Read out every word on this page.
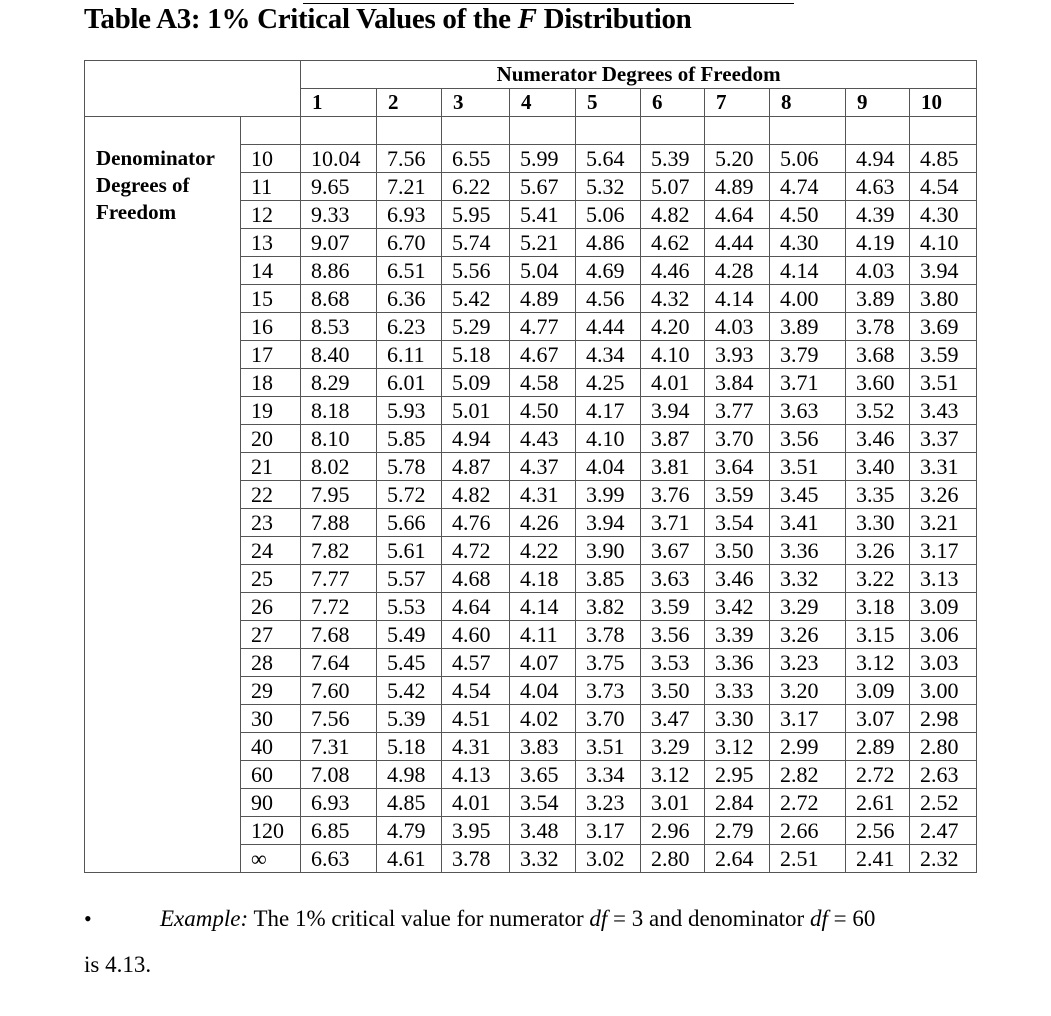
Table A3: 1% Critical Values of the F Distribution
		Numerator Degrees of Freedom									
		1	2	3	4	5	6	7	8	9	10

Denominator Degrees of Freedom	10	10.04	7.56	6.55	5.99	5.64	5.39	5.20	5.06	4.94	4.85
	11	9.65	7.21	6.22	5.67	5.32	5.07	4.89	4.74	4.63	4.54
	12	9.33	6.93	5.95	5.41	5.06	4.82	4.64	4.50	4.39	4.30
	13	9.07	6.70	5.74	5.21	4.86	4.62	4.44	4.30	4.19	4.10
	14	8.86	6.51	5.56	5.04	4.69	4.46	4.28	4.14	4.03	3.94
	15	8.68	6.36	5.42	4.89	4.56	4.32	4.14	4.00	3.89	3.80
	16	8.53	6.23	5.29	4.77	4.44	4.20	4.03	3.89	3.78	3.69
	17	8.40	6.11	5.18	4.67	4.34	4.10	3.93	3.79	3.68	3.59
	18	8.29	6.01	5.09	4.58	4.25	4.01	3.84	3.71	3.60	3.51
	19	8.18	5.93	5.01	4.50	4.17	3.94	3.77	3.63	3.52	3.43
	20	8.10	5.85	4.94	4.43	4.10	3.87	3.70	3.56	3.46	3.37
	21	8.02	5.78	4.87	4.37	4.04	3.81	3.64	3.51	3.40	3.31
	22	7.95	5.72	4.82	4.31	3.99	3.76	3.59	3.45	3.35	3.26
	23	7.88	5.66	4.76	4.26	3.94	3.71	3.54	3.41	3.30	3.21
	24	7.82	5.61	4.72	4.22	3.90	3.67	3.50	3.36	3.26	3.17
	25	7.77	5.57	4.68	4.18	3.85	3.63	3.46	3.32	3.22	3.13
	26	7.72	5.53	4.64	4.14	3.82	3.59	3.42	3.29	3.18	3.09
	27	7.68	5.49	4.60	4.11	3.78	3.56	3.39	3.26	3.15	3.06
	28	7.64	5.45	4.57	4.07	3.75	3.53	3.36	3.23	3.12	3.03
	29	7.60	5.42	4.54	4.04	3.73	3.50	3.33	3.20	3.09	3.00
	30	7.56	5.39	4.51	4.02	3.70	3.47	3.30	3.17	3.07	2.98
	40	7.31	5.18	4.31	3.83	3.51	3.29	3.12	2.99	2.89	2.80
	60	7.08	4.98	4.13	3.65	3.34	3.12	2.95	2.82	2.72	2.63
	90	6.93	4.85	4.01	3.54	3.23	3.01	2.84	2.72	2.61	2.52
	120	6.85	4.79	3.95	3.48	3.17	2.96	2.79	2.66	2.56	2.47
	∞	6.63	4.61	3.78	3.32	3.02	2.80	2.64	2.51	2.41	2.32
•	Example: The 1% critical value for numerator df = 3 and denominator df = 60
is 4.13.
